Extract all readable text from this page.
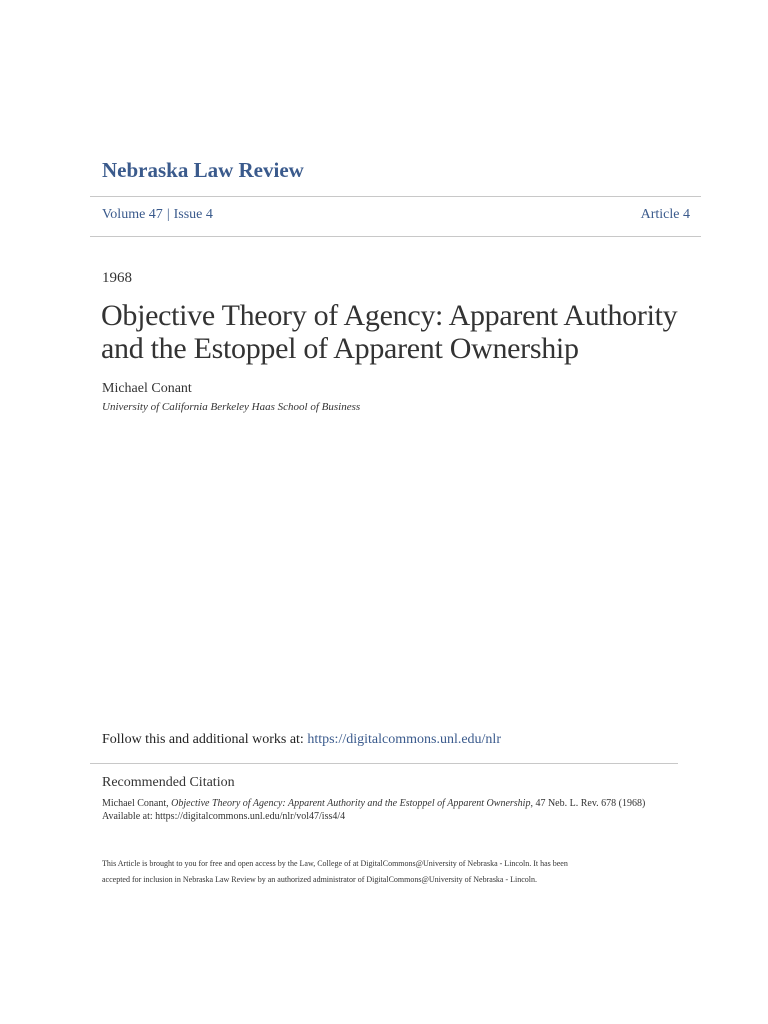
Nebraska Law Review
Volume 47 | Issue 4	Article 4
1968
Objective Theory of Agency: Apparent Authority
and the Estoppel of Apparent Ownership
Michael Conant
University of California Berkeley Haas School of Business
Follow this and additional works at: https://digitalcommons.unl.edu/nlr
Recommended Citation
Michael Conant, Objective Theory of Agency: Apparent Authority and the Estoppel of Apparent Ownership, 47 Neb. L. Rev. 678 (1968)
Available at: https://digitalcommons.unl.edu/nlr/vol47/iss4/4
This Article is brought to you for free and open access by the Law, College of at DigitalCommons@University of Nebraska - Lincoln. It has been
accepted for inclusion in Nebraska Law Review by an authorized administrator of DigitalCommons@University of Nebraska - Lincoln.
